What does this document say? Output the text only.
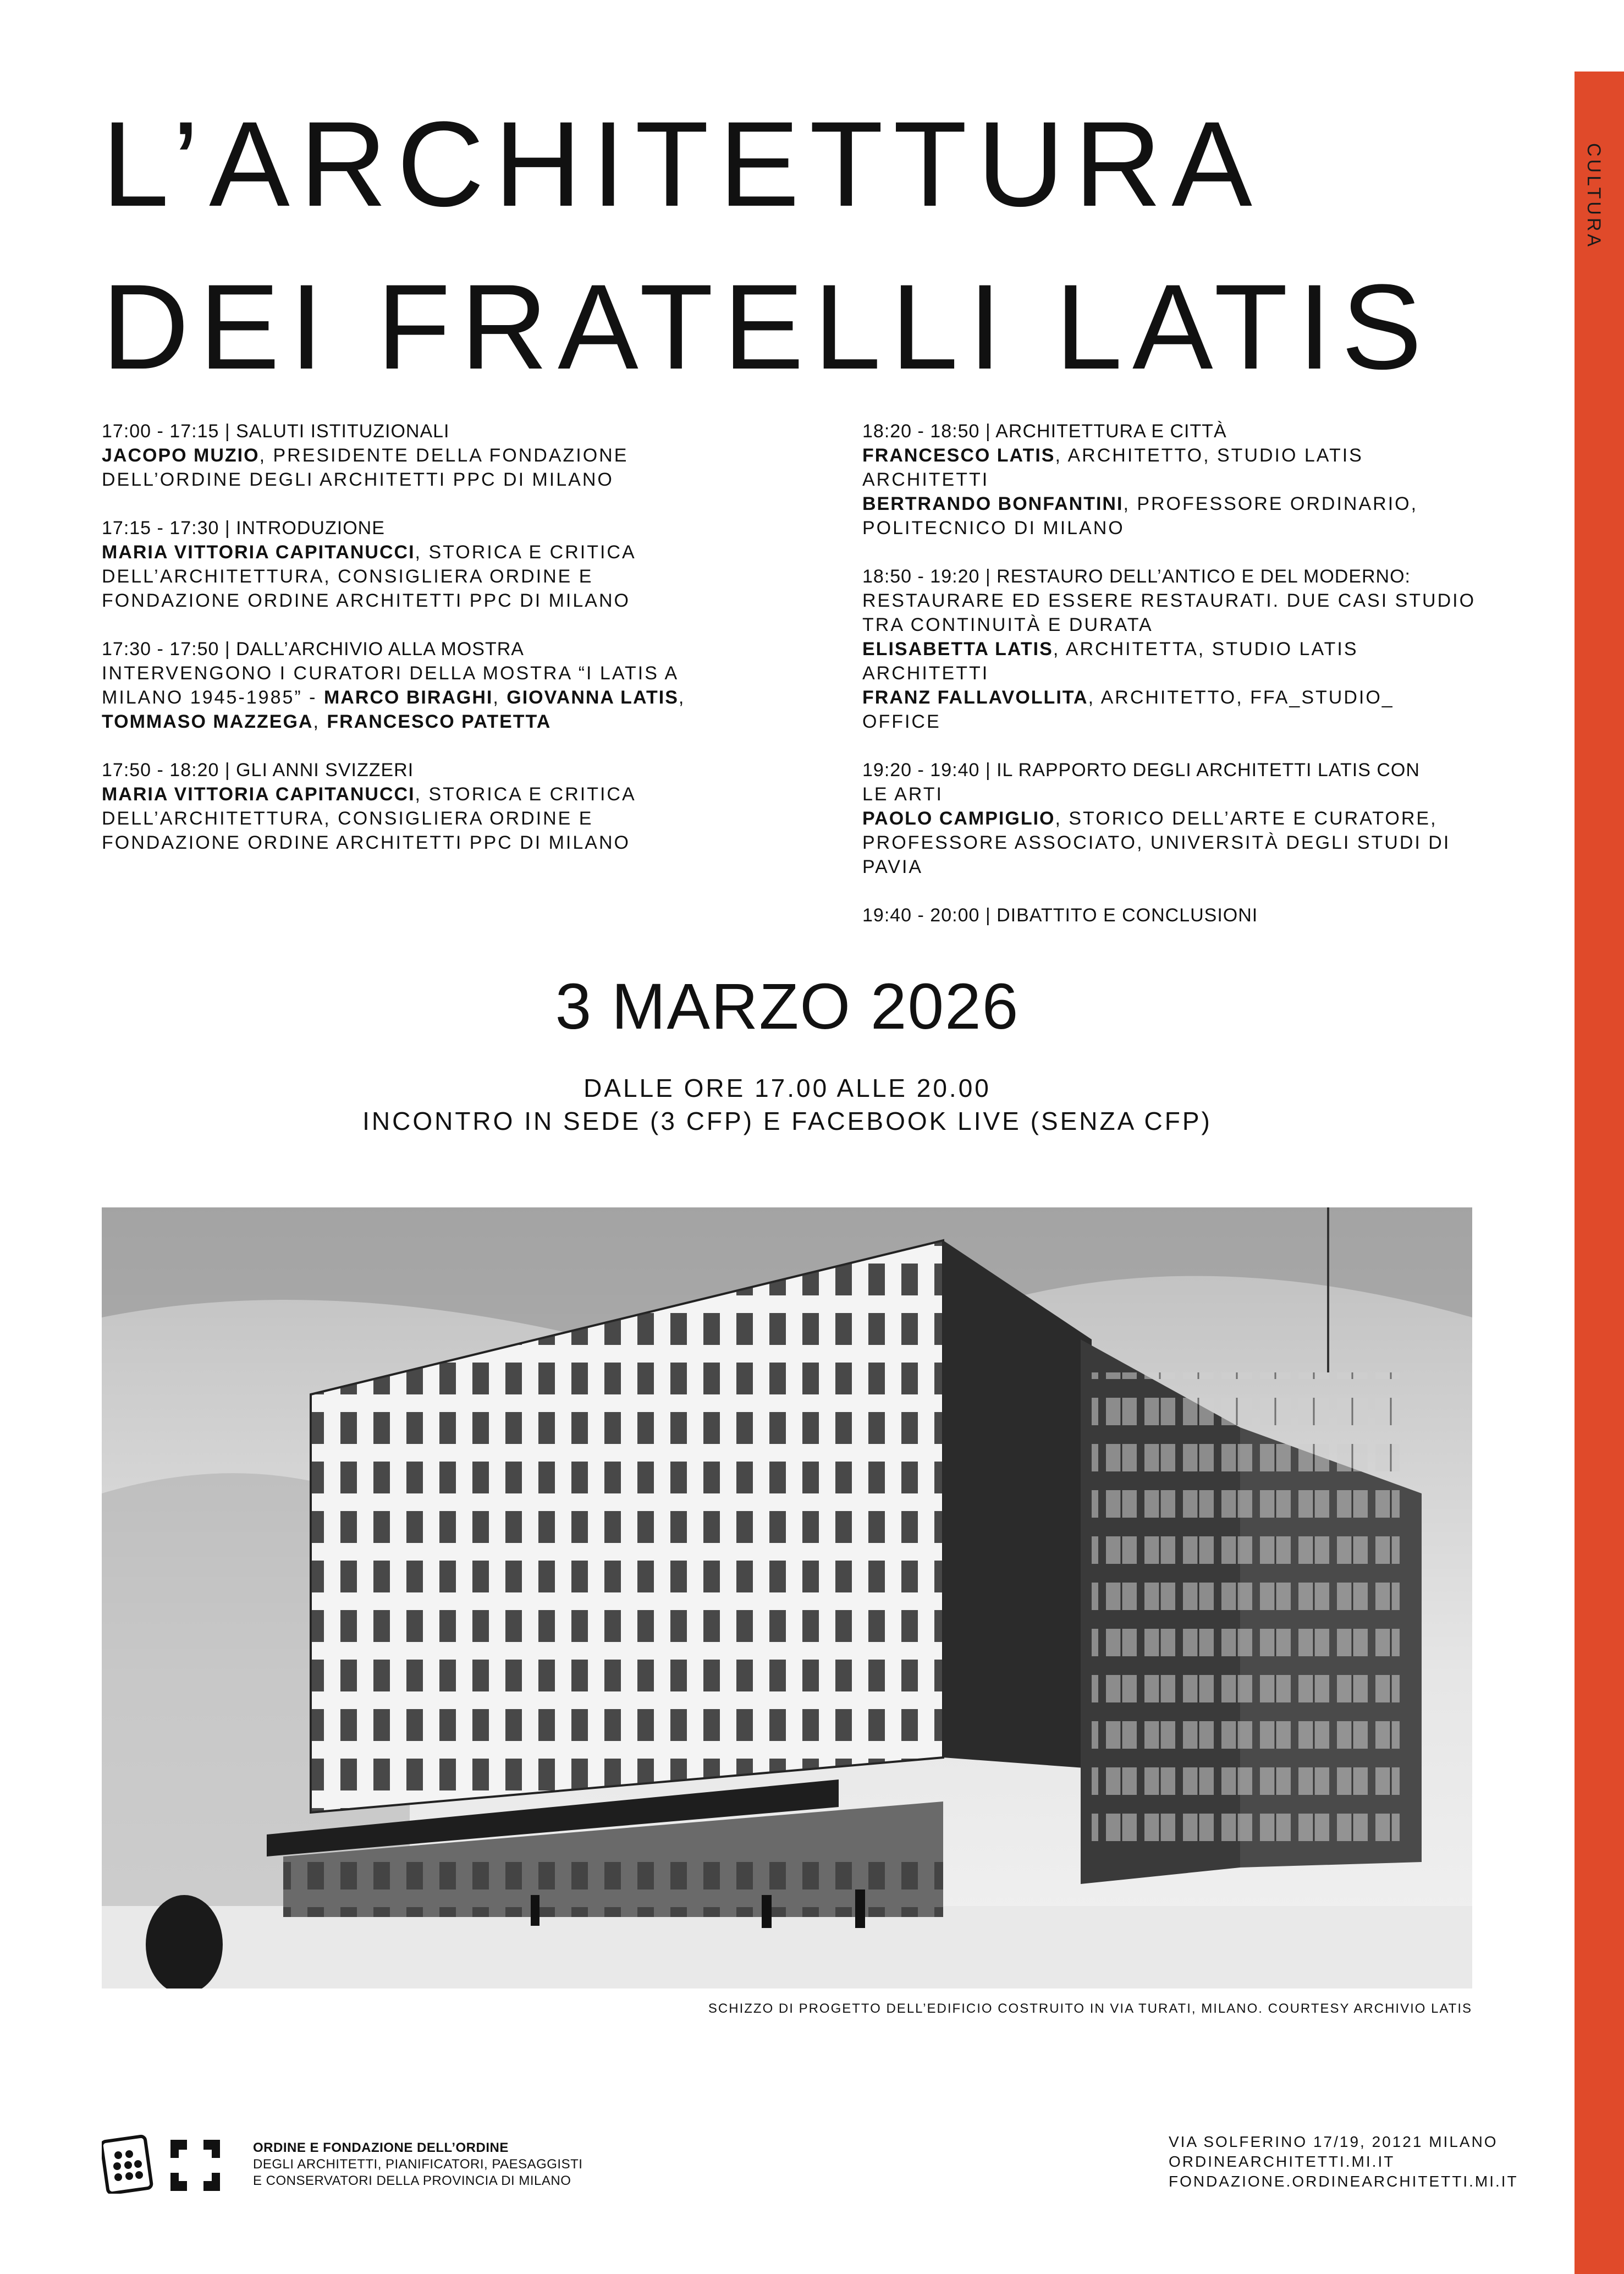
CULTURA
L’ARCHITETTURA
DEI FRATELLI LATIS

17:00 - 17:15 | SALUTI ISTITUZIONALI

JACOPO MUZIO, PRESIDENTE DELLA FONDAZIONE

DELL’ORDINE DEGLI ARCHITETTI PPC DI MILANO

17:15 - 17:30 | INTRODUZIONE

MARIA VITTORIA CAPITANUCCI, STORICA E CRITICA

DELL’ARCHITETTURA, CONSIGLIERA ORDINE E

FONDAZIONE ORDINE ARCHITETTI PPC DI MILANO

17:30 - 17:50 | DALL’ARCHIVIO ALLA MOSTRA

INTERVENGONO I CURATORI DELLA MOSTRA “I LATIS A

MILANO 1945-1985” - MARCO BIRAGHI, GIOVANNA LATIS,

TOMMASO MAZZEGA, FRANCESCO PATETTA

17:50 - 18:20 | GLI ANNI SVIZZERI

MARIA VITTORIA CAPITANUCCI, STORICA E CRITICA

DELL’ARCHITETTURA, CONSIGLIERA ORDINE E

FONDAZIONE ORDINE ARCHITETTI PPC DI MILANO

18:20 - 18:50 | ARCHITETTURA E CITTÀ

FRANCESCO LATIS, ARCHITETTO, STUDIO LATIS

ARCHITETTI

BERTRANDO BONFANTINI, PROFESSORE ORDINARIO,

POLITECNICO DI MILANO

18:50 - 19:20 | RESTAURO DELL’ANTICO E DEL MODERNO:

RESTAURARE ED ESSERE RESTAURATI. DUE CASI STUDIO

TRA CONTINUITÀ E DURATA

ELISABETTA LATIS, ARCHITETTA, STUDIO LATIS

ARCHITETTI

FRANZ FALLAVOLLITA, ARCHITETTO, FFA_STUDIO_

OFFICE

19:20 - 19:40 | IL RAPPORTO DEGLI ARCHITETTI LATIS CON

LE ARTI

PAOLO CAMPIGLIO, STORICO DELL’ARTE E CURATORE,

PROFESSORE ASSOCIATO, UNIVERSITÀ DEGLI STUDI DI

PAVIA

19:40 - 20:00 | DIBATTITO E CONCLUSIONI

3 MARZO 2026

DALLE ORE 17.00 ALLE 20.00

INCONTRO IN SEDE (3 CFP) E FACEBOOK LIVE (SENZA CFP)

SCHIZZO DI PROGETTO DELL’EDIFICIO COSTRUITO IN VIA TURATI, MILANO. COURTESY ARCHIVIO LATIS

ORDINE E FONDAZIONE DELL’ORDINE

DEGLI ARCHITETTI, PIANIFICATORI, PAESAGGISTI

E CONSERVATORI DELLA PROVINCIA DI MILANO

VIA SOLFERINO 17/19, 20121 MILANO

ORDINEARCHITETTI.MI.IT

FONDAZIONE.ORDINEARCHITETTI.MI.IT
